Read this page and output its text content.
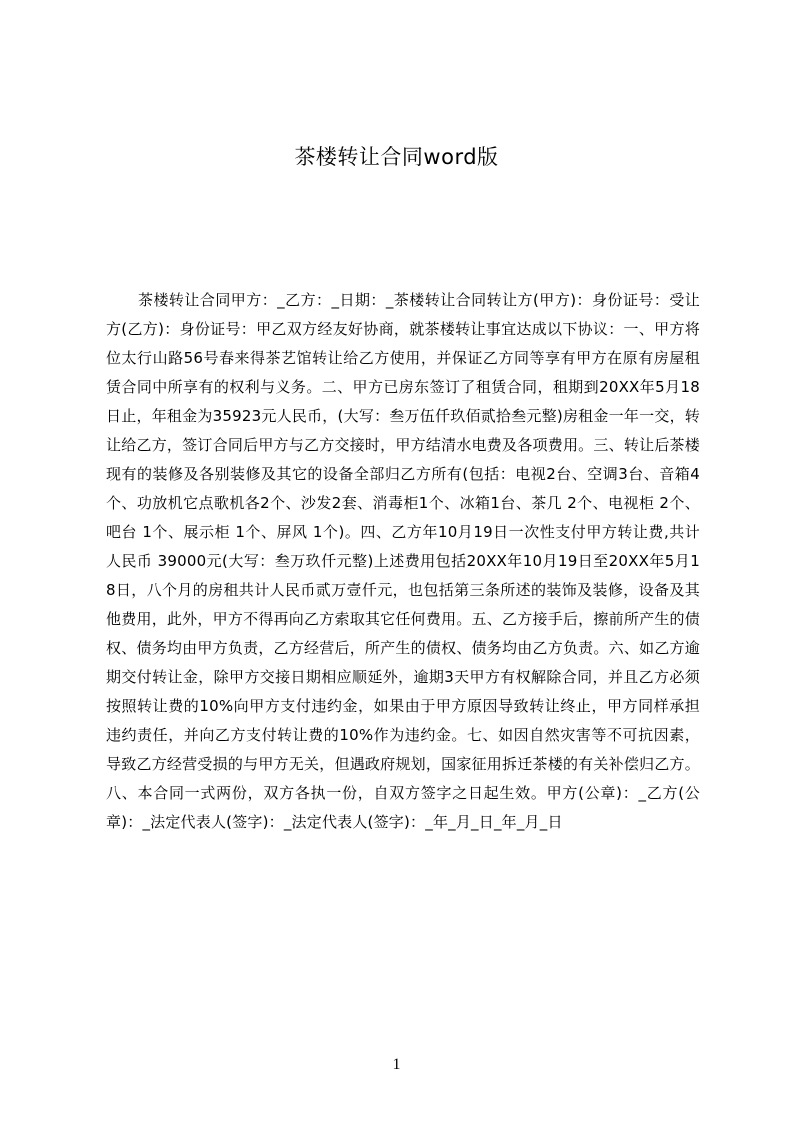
茶楼转让合同word版

茶楼转让合同甲方：_乙方：_日期：_茶楼转让合同转让方(甲方)：身份证号：受让方(乙方)：身份证号：甲乙双方经友好协商，就茶楼转让事宜达成以下协议：一、甲方将位太行山路56号春来得茶艺馆转让给乙方使用，并保证乙方同等享有甲方在原有房屋租赁合同中所享有的权利与义务。二、甲方已房东签订了租赁合同，租期到20XX年5月18日止，年租金为35923元人民币，(大写：叁万伍仟玖佰贰拾叁元整)房租金一年一交，转让给乙方，签订合同后甲方与乙方交接时，甲方结清水电费及各项费用。三、转让后茶楼现有的装修及各别装修及其它的设备全部归乙方所有(包括：电视2台、空调3台、音箱4个、功放机它点歌机各2个、沙发2套、消毒柜1个、冰箱1台、茶几 2个、电视柜 2个、吧台 1个、展示柜 1个、屏风 1个)。四、乙方年10月19日一次性支付甲方转让费,共计人民币 39000元(大写：叁万玖仟元整)上述费用包括20XX年10月19日至20XX年5月18日，八个月的房租共计人民币贰万壹仟元，也包括第三条所述的装饰及装修，设备及其他费用，此外，甲方不得再向乙方索取其它任何费用。五、乙方接手后，擦前所产生的债权、债务均由甲方负责，乙方经营后，所产生的债权、债务均由乙方负责。六、如乙方逾期交付转让金，除甲方交接日期相应顺延外，逾期3天甲方有权解除合同，并且乙方必须按照转让费的10%向甲方支付违约金，如果由于甲方原因导致转让终止，甲方同样承担违约责任，并向乙方支付转让费的10%作为违约金。七、如因自然灾害等不可抗因素，导致乙方经营受损的与甲方无关，但遇政府规划，国家征用拆迁茶楼的有关补偿归乙方。八、本合同一式两份，双方各执一份，自双方签字之日起生效。甲方(公章)：_乙方(公章)：_法定代表人(签字)：_法定代表人(签字)：_年_月_日_年_月_日

1
